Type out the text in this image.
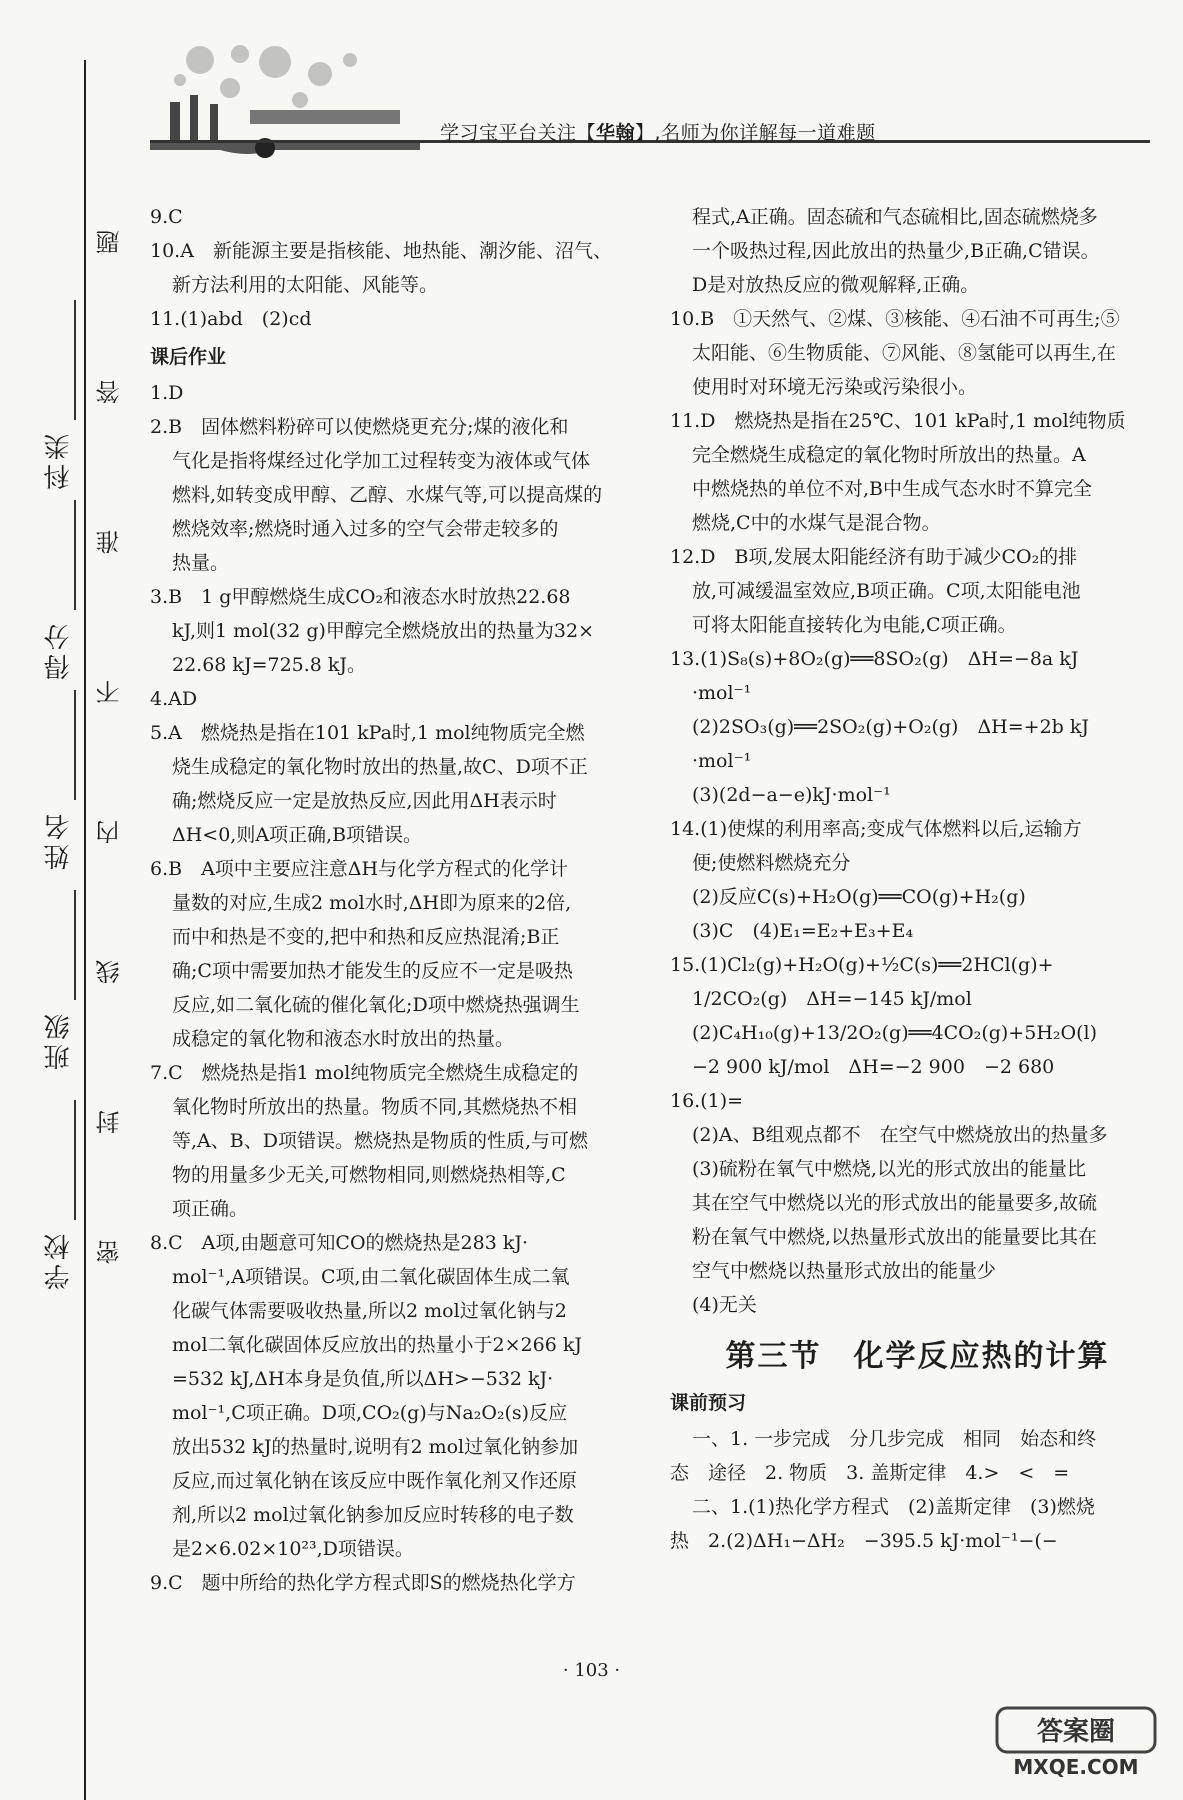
学习宝平台关注【华翰】,名师为你详解每一道难题
学校
班级
姓名
得分
科类
密
封
线
内
不
准
答
题

9.C

10.A　新能源主要是指核能、地热能、潮汐能、沼气、

新方法利用的太阳能、风能等。

11.(1)abd　(2)cd

课后作业

1.D

2.B　固体燃料粉碎可以使燃烧更充分;煤的液化和

气化是指将煤经过化学加工过程转变为液体或气体

燃料,如转变成甲醇、乙醇、水煤气等,可以提高煤的

燃烧效率;燃烧时通入过多的空气会带走较多的

热量。

3.B　1 g甲醇燃烧生成CO₂和液态水时放热22.68

kJ,则1 mol(32 g)甲醇完全燃烧放出的热量为32×

22.68 kJ=725.8 kJ。

4.AD

5.A　燃烧热是指在101 kPa时,1 mol纯物质完全燃

烧生成稳定的氧化物时放出的热量,故C、D项不正

确;燃烧反应一定是放热反应,因此用ΔH表示时

ΔH<0,则A项正确,B项错误。

6.B　A项中主要应注意ΔH与化学方程式的化学计

量数的对应,生成2 mol水时,ΔH即为原来的2倍,

而中和热是不变的,把中和热和反应热混淆;B正

确;C项中需要加热才能发生的反应不一定是吸热

反应,如二氧化硫的催化氧化;D项中燃烧热强调生

成稳定的氧化物和液态水时放出的热量。

7.C　燃烧热是指1 mol纯物质完全燃烧生成稳定的

氧化物时所放出的热量。物质不同,其燃烧热不相

等,A、B、D项错误。燃烧热是物质的性质,与可燃

物的用量多少无关,可燃物相同,则燃烧热相等,C

项正确。

8.C　A项,由题意可知CO的燃烧热是283 kJ·

mol⁻¹,A项错误。C项,由二氧化碳固体生成二氧

化碳气体需要吸收热量,所以2 mol过氧化钠与2

mol二氧化碳固体反应放出的热量小于2×266 kJ

=532 kJ,ΔH本身是负值,所以ΔH>−532 kJ·

mol⁻¹,C项正确。D项,CO₂(g)与Na₂O₂(s)反应

放出532 kJ的热量时,说明有2 mol过氧化钠参加

反应,而过氧化钠在该反应中既作氧化剂又作还原

剂,所以2 mol过氧化钠参加反应时转移的电子数

是2×6.02×10²³,D项错误。

9.C　题中所给的热化学方程式即S的燃烧热化学方

程式,A正确。固态硫和气态硫相比,固态硫燃烧多

一个吸热过程,因此放出的热量少,B正确,C错误。

D是对放热反应的微观解释,正确。

10.B　①天然气、②煤、③核能、④石油不可再生;⑤

太阳能、⑥生物质能、⑦风能、⑧氢能可以再生,在

使用时对环境无污染或污染很小。

11.D　燃烧热是指在25℃、101 kPa时,1 mol纯物质

完全燃烧生成稳定的氧化物时所放出的热量。A

中燃烧热的单位不对,B中生成气态水时不算完全

燃烧,C中的水煤气是混合物。

12.D　B项,发展太阳能经济有助于减少CO₂的排

放,可减缓温室效应,B项正确。C项,太阳能电池

可将太阳能直接转化为电能,C项正确。

13.(1)S₈(s)+8O₂(g)══8SO₂(g)　ΔH=−8a kJ

·mol⁻¹

(2)2SO₃(g)══2SO₂(g)+O₂(g)　ΔH=+2b kJ

·mol⁻¹

(3)(2d−a−e)kJ·mol⁻¹

14.(1)使煤的利用率高;变成气体燃料以后,运输方

便;使燃料燃烧充分

(2)反应C(s)+H₂O(g)══CO(g)+H₂(g)

(3)C　(4)E₁=E₂+E₃+E₄

15.(1)Cl₂(g)+H₂O(g)+½C(s)══2HCl(g)+

1/2CO₂(g)　ΔH=−145 kJ/mol

(2)C₄H₁₀(g)+13/2O₂(g)══4CO₂(g)+5H₂O(l)

−2 900 kJ/mol　ΔH=−2 900　−2 680

16.(1)=

(2)A、B组观点都不　在空气中燃烧放出的热量多

(3)硫粉在氧气中燃烧,以光的形式放出的能量比

其在空气中燃烧以光的形式放出的能量要多,故硫

粉在氧气中燃烧,以热量形式放出的能量要比其在

空气中燃烧以热量形式放出的能量少

(4)无关

第三节　化学反应热的计算

课前预习

一、1. 一步完成　分几步完成　相同　始态和终

态　途径　2. 物质　3. 盖斯定律　4.>　<　=

二、1.(1)热化学方程式　(2)盖斯定律　(3)燃烧

热　2.(2)ΔH₁−ΔH₂　−395.5 kJ·mol⁻¹−(−

· 103 ·
答案圈
MXQE.COM
